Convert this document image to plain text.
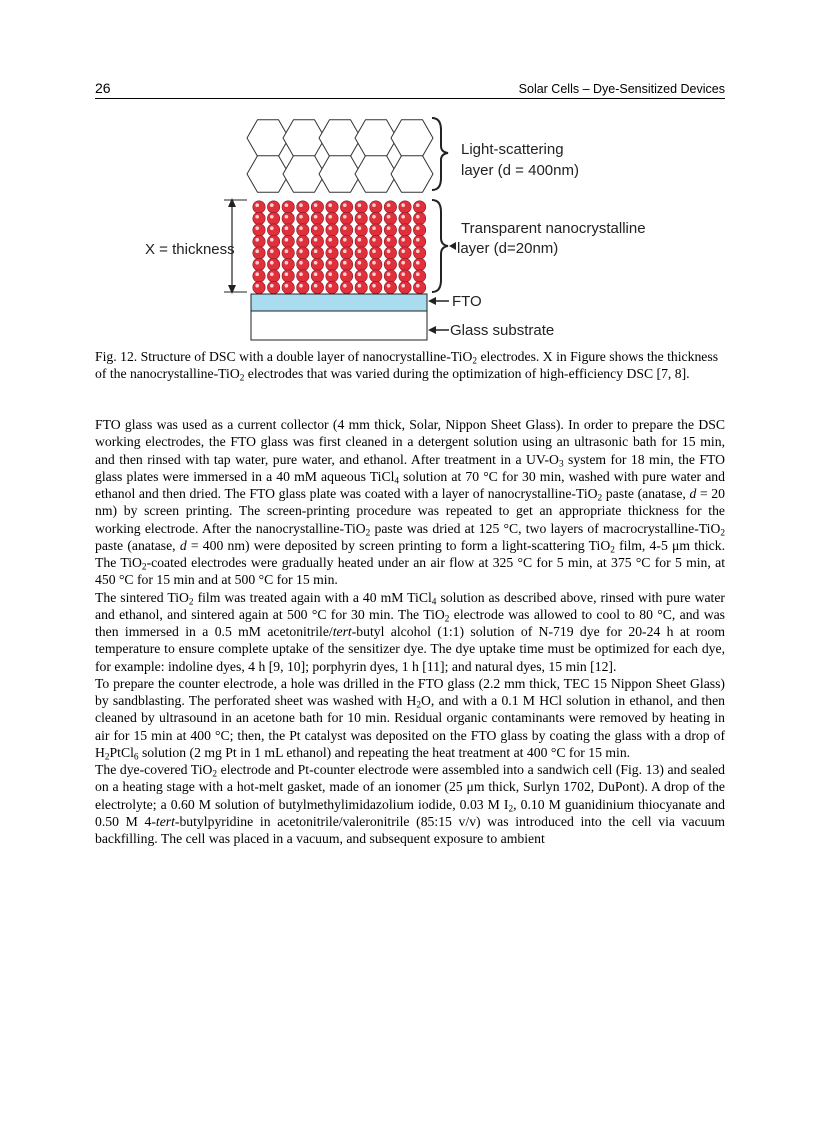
26	Solar Cells – Dye-Sensitized Devices
Light-scattering
layer (d = 400nm)
Transparent nanocrystalline
layer (d=20nm)
X = thickness
FTO
Glass substrate

Fig. 12. Structure of DSC with a double layer of nanocrystalline-TiO$_2$ electrodes. X in Figure shows the thickness of the nanocrystalline-TiO$_2$ electrodes that was varied during the optimization of high-efficiency DSC [7, 8].

FTO glass was used as a current collector (4 mm thick, Solar, Nippon Sheet Glass). In order to prepare the DSC working electrodes, the FTO glass was first cleaned in a detergent solution using an ultrasonic bath for 15 min, and then rinsed with tap water, pure water, and ethanol. After treatment in a $UV-O_3$ system for 18 min, the FTO glass plates were immersed in a 40 mM aqueous TiCl$_4$ solution at 70 °C for 30 min, washed with pure water and ethanol and then dried. The FTO glass plate was coated with a layer of nanocrystalline-TiO$_2$ paste (anatase, d = 20 nm) by screen printing. The screen-printing procedure was repeated to get an appropriate thickness for the working electrode. After the nanocrystalline-TiO$_2$ paste was dried at 125 °C, two layers of macrocrystalline-TiO$_2$ paste (anatase, d = 400 nm) were deposited by screen printing to form a light-scattering TiO$_2$ film, 4-5 μm thick. The TiO$_2$-coated electrodes were gradually heated under an air flow at 325 °C for 5 min, at 375 °C for 5 min, at 450 °C for 15 min and at 500 °C for 15 min.

The sintered TiO$_2$ film was treated again with a 40 mM TiCl$_4$ solution as described above, rinsed with pure water and ethanol, and sintered again at 500 °C for 30 min. The TiO$_2$ electrode was allowed to cool to 80 °C, and was then immersed in a 0.5 mM acetonitrile/tert-butyl alcohol (1:1) solution of N-719 dye for 20-24 h at room temperature to ensure complete uptake of the sensitizer dye. The dye uptake time must be optimized for each dye, for example: indoline dyes, 4 h [9, 10]; porphyrin dyes, 1 h [11]; and natural dyes, 15 min [12].

To prepare the counter electrode, a hole was drilled in the FTO glass (2.2 mm thick, TEC 15 Nippon Sheet Glass) by sandblasting. The perforated sheet was washed with $H_2O$, and with a 0.1 M HCl solution in ethanol, and then cleaned by ultrasound in an acetone bath for 10 min. Residual organic contaminants were removed by heating in air for 15 min at 400 °C; then, the Pt catalyst was deposited on the FTO glass by coating the glass with a drop of $H_2PtCl_6$ solution (2 mg Pt in 1 mL ethanol) and repeating the heat treatment at 400 °C for 15 min.

The dye-covered TiO$_2$ electrode and Pt-counter electrode were assembled into a sandwich cell (Fig. 13) and sealed on a heating stage with a hot-melt gasket, made of an ionomer (25 μm thick, Surlyn 1702, DuPont). A drop of the electrolyte; a 0.60 M solution of butylmethylimidazolium iodide, 0.03 M $I_2$, 0.10 M guanidinium thiocyanate and 0.50 M 4-tert-butylpyridine in acetonitrile/valeronitrile (85:15 v/v) was introduced into the cell via vacuum backfilling. The cell was placed in a vacuum, and subsequent exposure to ambient
